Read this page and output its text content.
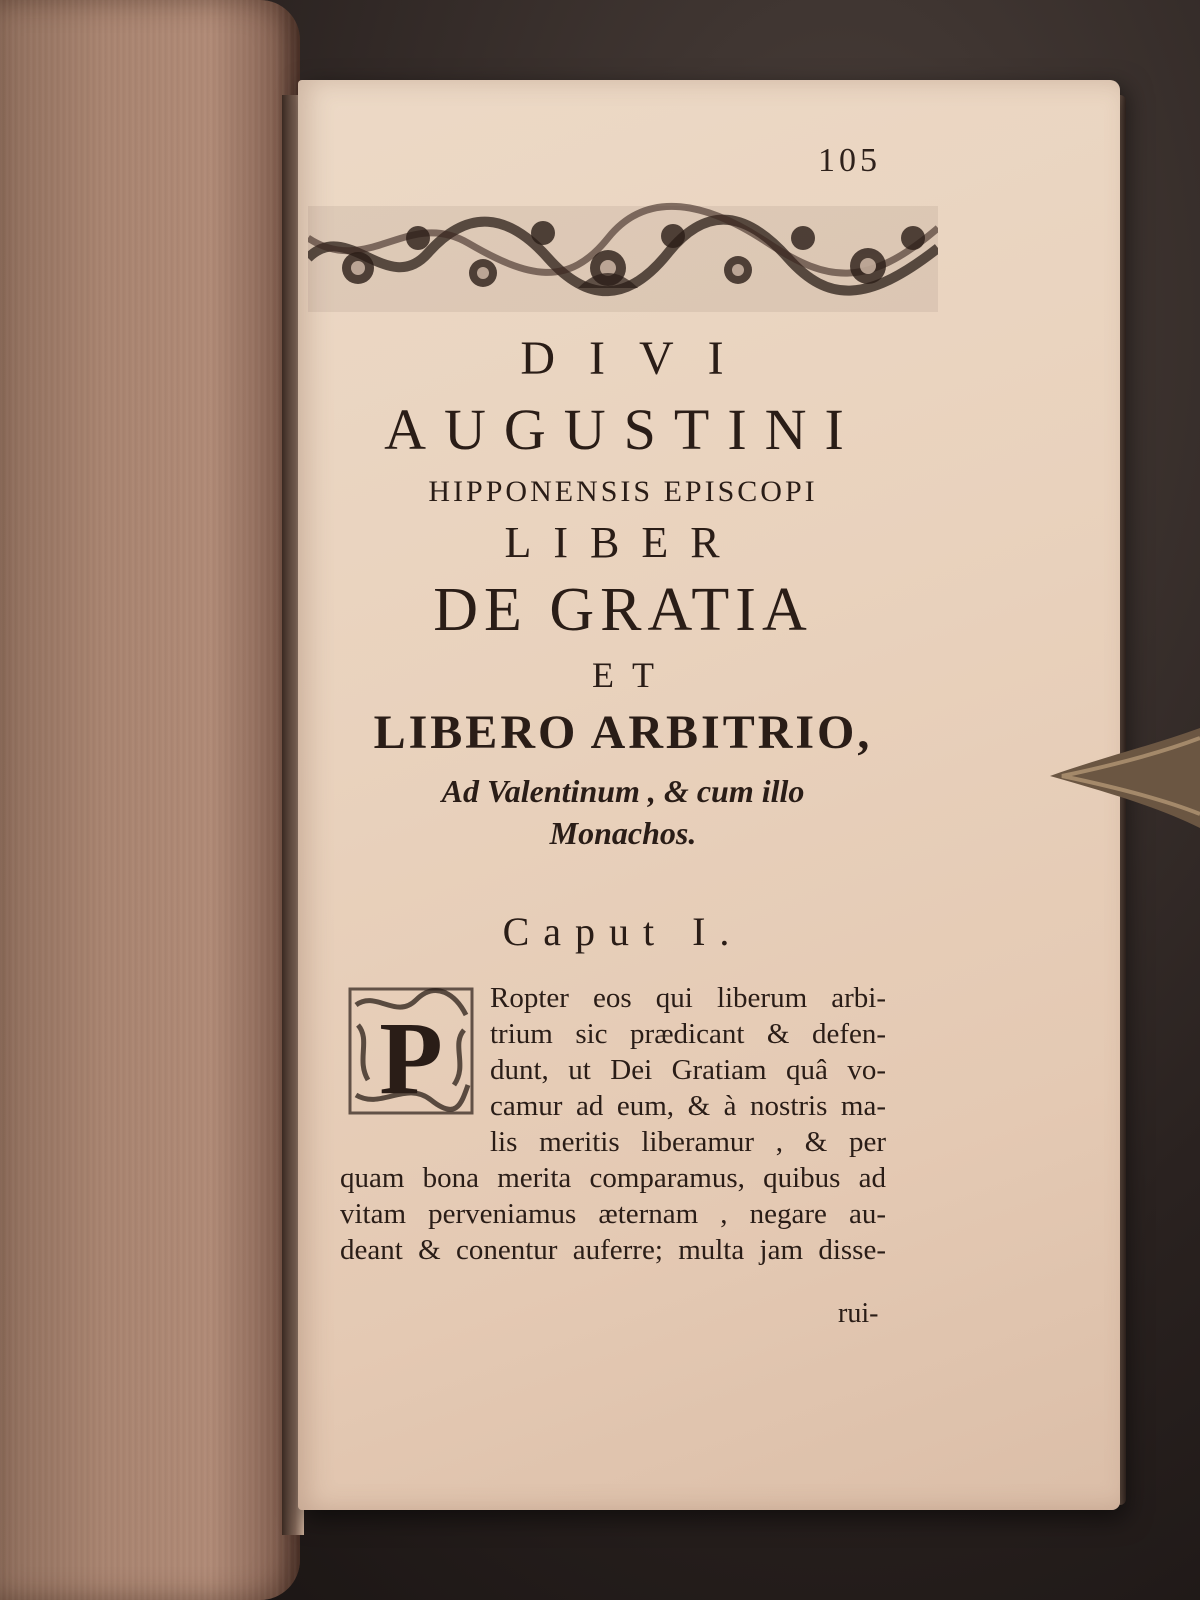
105
DIVI
AUGUSTINI
HIPPONENSIS EPISCOPI
LIBER
DE GRATIA
ET
LIBERO ARBITRIO,
Ad Valentinum , & cum illo
Monachos.
Caput I.
P
Ropter eos qui liberum arbi-
trium sic prædicant & defen-
dunt, ut Dei Gratiam quâ vo-
camur ad eum, & à nostris ma-
lis meritis liberamur , & per
quam bona merita comparamus, quibus ad
vitam perveniamus æternam , negare au-
deant & conentur auferre; multa jam disse-
rui-
